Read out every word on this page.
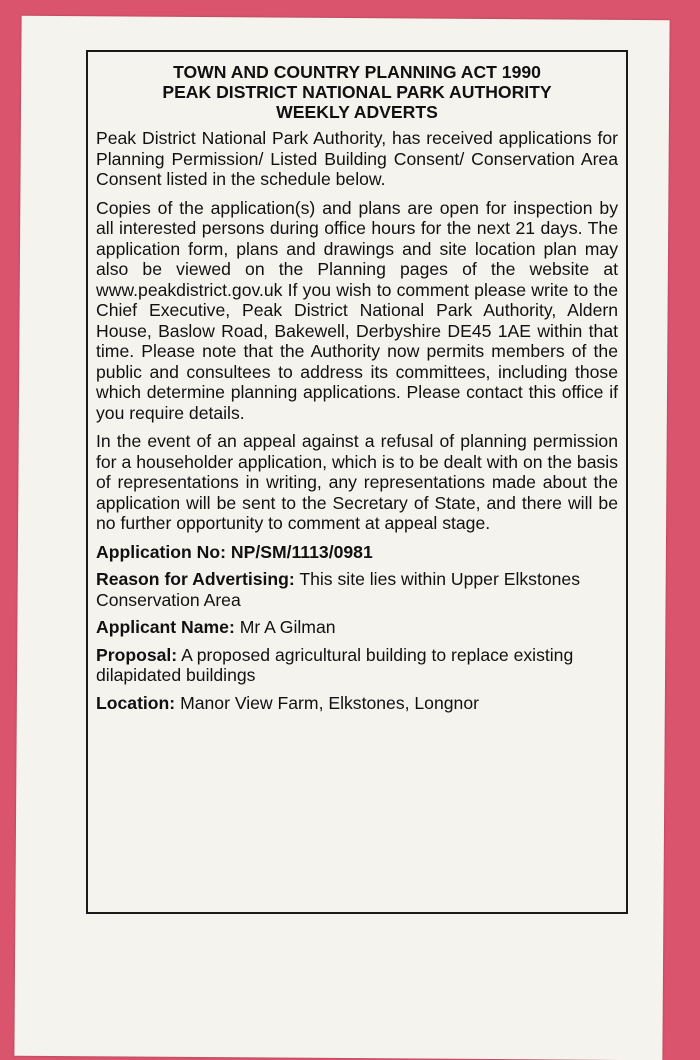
TOWN AND COUNTRY PLANNING ACT 1990
PEAK DISTRICT NATIONAL PARK AUTHORITY
WEEKLY ADVERTS

Peak District National Park Authority, has received applications for Planning Permission/ Listed Building Consent/ Conservation Area Consent listed in the schedule below.

Copies of the application(s) and plans are open for inspection by all interested persons during office hours for the next 21 days. The application form, plans and drawings and site location plan may also be viewed on the Planning pages of the website at www.peakdistrict.gov.uk If you wish to comment please write to the Chief Executive, Peak District National Park Authority, Aldern House, Baslow Road, Bakewell, Derbyshire DE45 1AE within that time. Please note that the Authority now permits members of the public and consultees to address its committees, including those which determine planning applications. Please contact this office if you require details.

In the event of an appeal against a refusal of planning permission for a householder application, which is to be dealt with on the basis of representations in writing, any representations made about the application will be sent to the Secretary of State, and there will be no further opportunity to comment at appeal stage.

Application No: NP/SM/1113/0981
Reason for Advertising: This site lies within Upper Elkstones Conservation Area
Applicant Name: Mr A Gilman
Proposal: A proposed agricultural building to replace existing dilapidated buildings
Location: Manor View Farm, Elkstones, Longnor
